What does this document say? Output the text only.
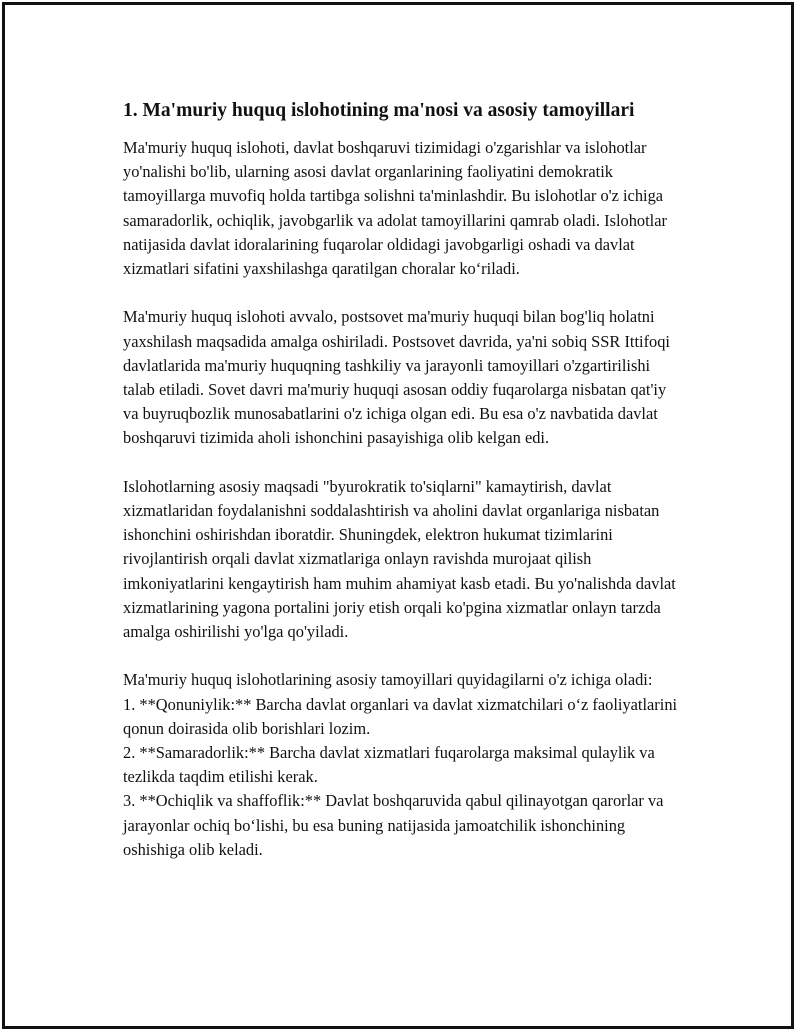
1. Ma'muriy huquq islohotining ma'nosi va asosiy tamoyillari

Ma'muriy huquq islohoti, davlat boshqaruvi tizimidagi o'zgarishlar va islohotlar yo'nalishi bo'lib, ularning asosi davlat organlarining faoliyatini demokratik tamoyillarga muvofiq holda tartibga solishni ta'minlashdir. Bu islohotlar o'z ichiga samaradorlik, ochiqlik, javobgarlik va adolat tamoyillarini qamrab oladi. Islohotlar natijasida davlat idoralarining fuqarolar oldidagi javobgarligi oshadi va davlat xizmatlari sifatini yaxshilashga qaratilgan choralar ko‘riladi.

Ma'muriy huquq islohoti avvalo, postsovet ma'muriy huquqi bilan bog'liq holatni yaxshilash maqsadida amalga oshiriladi. Postsovet davrida, ya'ni sobiq SSR Ittifoqi davlatlarida ma'muriy huquqning tashkiliy va jarayonli tamoyillari o'zgartirilishi talab etiladi. Sovet davri ma'muriy huquqi asosan oddiy fuqarolarga nisbatan qat'iy va buyruqbozlik munosabatlarini o'z ichiga olgan edi. Bu esa o'z navbatida davlat boshqaruvi tizimida aholi ishonchini pasayishiga olib kelgan edi.

Islohotlarning asosiy maqsadi "byurokratik to'siqlarni" kamaytirish, davlat xizmatlaridan foydalanishni soddalashtirish va aholini davlat organlariga nisbatan ishonchini oshirishdan iboratdir. Shuningdek, elektron hukumat tizimlarini rivojlantirish orqali davlat xizmatlariga onlayn ravishda murojaat qilish imkoniyatlarini kengaytirish ham muhim ahamiyat kasb etadi. Bu yo'nalishda davlat xizmatlarining yagona portalini joriy etish orqali ko'pgina xizmatlar onlayn tarzda amalga oshirilishi yo'lga qo'yiladi.

Ma'muriy huquq islohotlarining asosiy tamoyillari quyidagilarni o'z ichiga oladi:

1. **Qonuniylik:** Barcha davlat organlari va davlat xizmatchilari o‘z faoliyatlarini qonun doirasida olib borishlari lozim.

2. **Samaradorlik:** Barcha davlat xizmatlari fuqarolarga maksimal qulaylik va tezlikda taqdim etilishi kerak.

3. **Ochiqlik va shaffoflik:** Davlat boshqaruvida qabul qilinayotgan qarorlar va jarayonlar ochiq bo‘lishi, bu esa buning natijasida jamoatchilik ishonchining oshishiga olib keladi.
